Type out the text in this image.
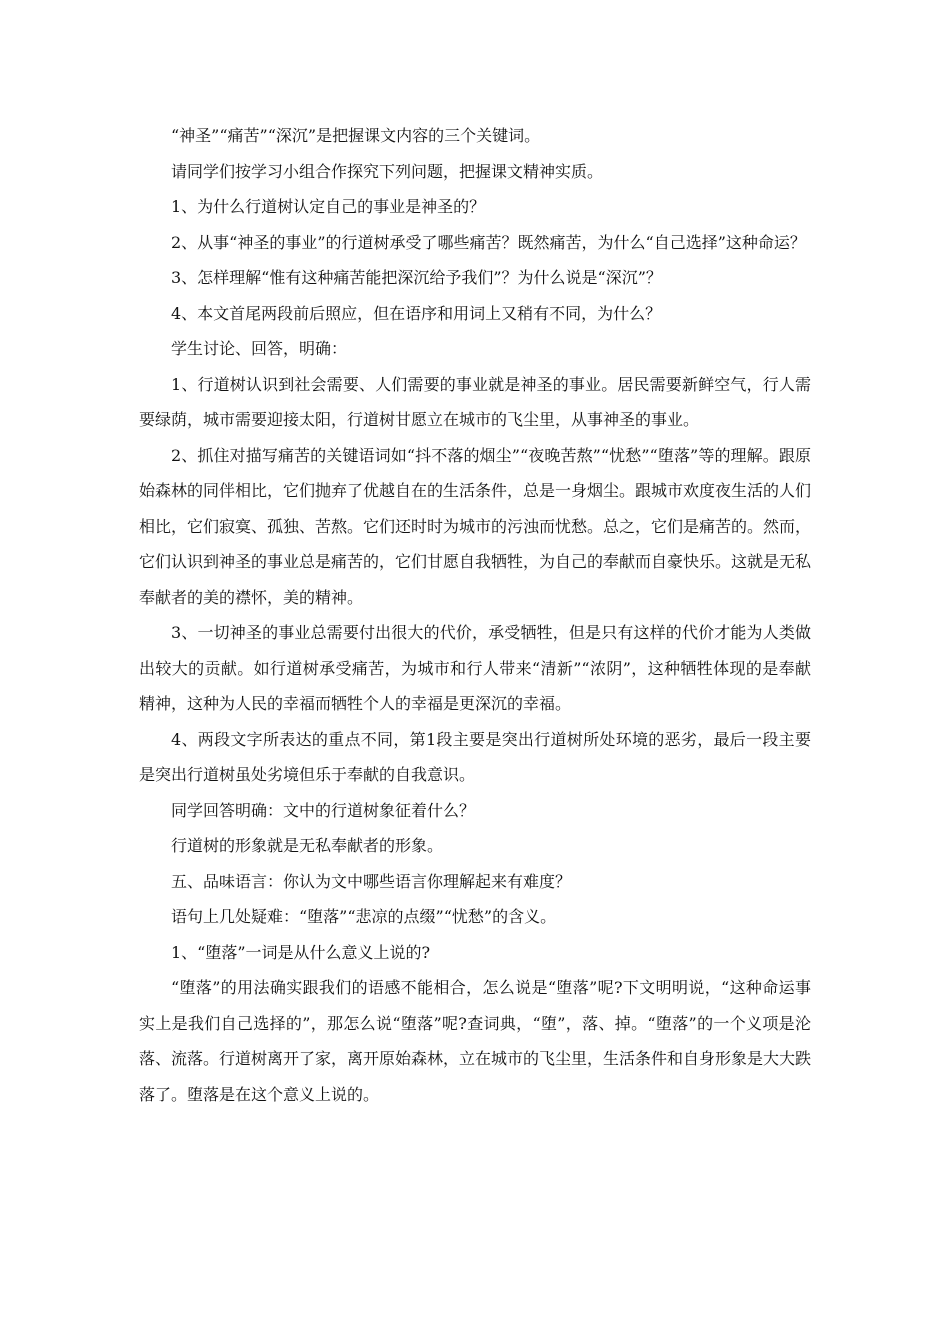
“神圣”“痛苦”“深沉”是把握课文内容的三个关键词。

请同学们按学习小组合作探究下列问题，把握课文精神实质。

1、为什么行道树认定自己的事业是神圣的？

2、从事“神圣的事业”的行道树承受了哪些痛苦？既然痛苦，为什么“自己选择”这种命运？

3、怎样理解“惟有这种痛苦能把深沉给予我们”？为什么说是“深沉”？

4、本文首尾两段前后照应，但在语序和用词上又稍有不同，为什么？

学生讨论、回答，明确：

1、行道树认识到社会需要、人们需要的事业就是神圣的事业。居民需要新鲜空气，行人需要绿荫，城市需要迎接太阳，行道树甘愿立在城市的飞尘里，从事神圣的事业。

2、抓住对描写痛苦的关键语词如“抖不落的烟尘”“夜晚苦熬”“忧愁”“堕落”等的理解。跟原始森林的同伴相比，它们抛弃了优越自在的生活条件，总是一身烟尘。跟城市欢度夜生活的人们相比，它们寂寞、孤独、苦熬。它们还时时为城市的污浊而忧愁。总之，它们是痛苦的。然而，它们认识到神圣的事业总是痛苦的，它们甘愿自我牺牲，为自己的奉献而自豪快乐。这就是无私奉献者的美的襟怀，美的精神。

3、一切神圣的事业总需要付出很大的代价，承受牺牲，但是只有这样的代价才能为人类做出较大的贡献。如行道树承受痛苦，为城市和行人带来“清新”“浓阴”，这种牺牲体现的是奉献精神，这种为人民的幸福而牺牲个人的幸福是更深沉的幸福。

4、两段文字所表达的重点不同，第1段主要是突出行道树所处环境的恶劣，最后一段主要是突出行道树虽处劣境但乐于奉献的自我意识。

同学回答明确：文中的行道树象征着什么？

行道树的形象就是无私奉献者的形象。

五、品味语言：你认为文中哪些语言你理解起来有难度？

语句上几处疑难：“堕落”“悲凉的点缀”“忧愁”的含义。

1、“堕落”一词是从什么意义上说的?

“堕落”的用法确实跟我们的语感不能相合，怎么说是“堕落”呢?下文明明说，“这种命运事实上是我们自己选择的”，那怎么说“堕落”呢?查词典，“堕”，落、掉。“堕落”的一个义项是沦落、流落。行道树离开了家，离开原始森林，立在城市的飞尘里，生活条件和自身形象是大大跌落了。堕落是在这个意义上说的。
